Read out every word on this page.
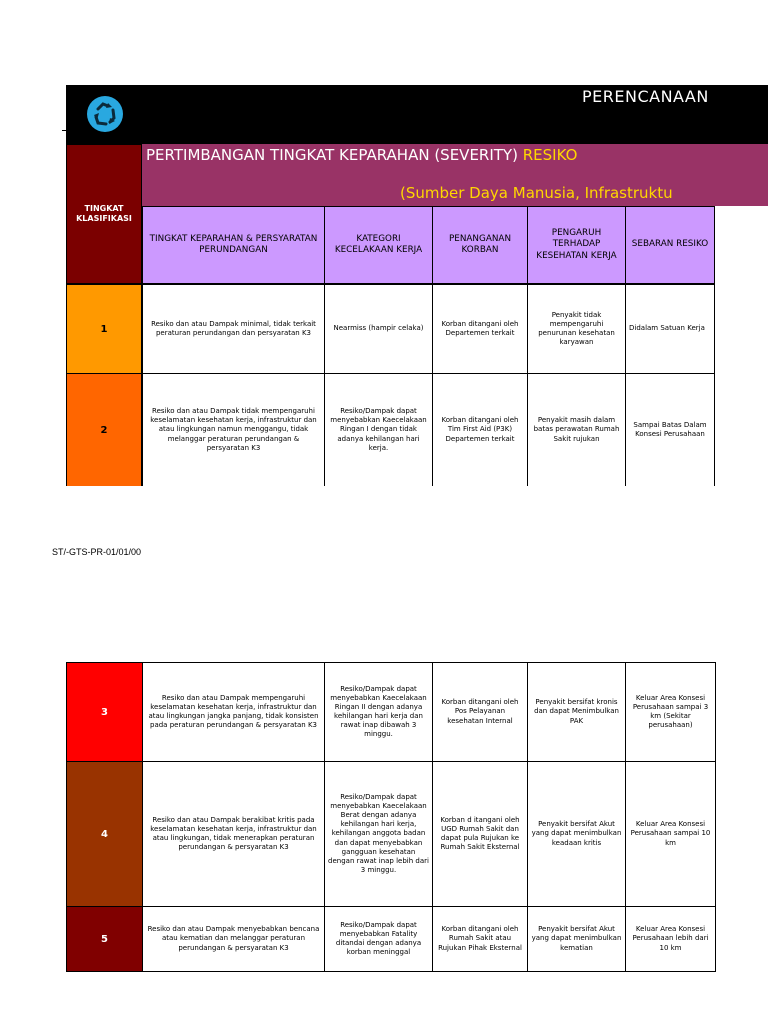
PERENCANAAN
TINGKAT KLASIFIKASI
PERTIMBANGAN TINGKAT KEPARAHAN (SEVERITY) RESIKO
(Sumber Daya Manusia, Infrastruktu
TINGKAT KEPARAHAN & PERSYARATAN PERUNDANGAN
KATEGORI KECELAKAAN KERJA
PENANGANAN KORBAN
PENGARUH TERHADAP KESEHATAN KERJA
SEBARAN RESIKO
1	Resiko dan atau Dampak minimal, tidak terkait peraturan perundangan dan persyaratan K3
Nearmiss (hampir celaka)
Korban ditangani oleh Departemen terkait
Penyakit tidak mempengaruhi penurunan kesehatan karyawan
Didalam Satuan Kerja
2
Resiko dan atau Dampak tidak mempengaruhi keselamatan kesehatan kerja, infrastruktur dan atau lingkungan namun menggangu, tidak melanggar peraturan perundangan & persyaratan K3
Resiko/Dampak dapat menyebabkan Kaecelakaan Ringan I dengan tidak adanya kehilangan hari kerja.
Korban ditangani oleh Tim First Aid (P3K) Departemen terkait
Penyakit masih dalam batas perawatan Rumah Sakit rujukan
Sampai Batas Dalam Konsesi Perusahaan
ST/-GTS-PR-01/01/00
3
Resiko dan atau Dampak mempengaruhi keselamatan kesehatan kerja, infrastruktur dan atau lingkungan jangka panjang, tidak konsisten pada peraturan perundangan & persyaratan K3
Resiko/Dampak dapat menyebabkan Kaecelakaan Ringan II dengan adanya kehilangan hari kerja dan rawat inap dibawah 3 minggu.
Korban ditangani oleh Pos Pelayanan kesehatan Internal
Penyakit bersifat kronis dan dapat Menimbulkan PAK
Keluar Area Konsesi Perusahaan sampai 3 km (Sekitar perusahaan)
4
Resiko dan atau Dampak berakibat kritis pada keselamatan kesehatan kerja, infrastruktur dan atau lingkungan, tidak menerapkan peraturan perundangan & persyaratan K3
Resiko/Dampak dapat menyebabkan Kaecelakaan Berat dengan adanya kehilangan hari kerja, kehilangan anggota badan dan dapat menyebabkan gangguan kesehatan dengan rawat inap lebih dari 3 minggu.
Korban d itangani oleh UGD Rumah Sakit dan dapat pula Rujukan ke Rumah Sakit Eksternal
Penyakit bersifat Akut yang dapat menimbulkan keadaan kritis
Keluar Area Konsesi Perusahaan sampai 10 km
5
Resiko dan atau Dampak menyebabkan bencana atau kematian dan melanggar peraturan perundangan & persyaratan K3
Resiko/Dampak dapat menyebabkan Fatality ditandai dengan adanya korban meninggal
Korban ditangani oleh Rumah Sakit atau Rujukan Pihak Eksternal
Penyakit bersifat Akut yang dapat menimbulkan kematian
Keluar Area Konsesi Perusahaan lebih dari 10 km
